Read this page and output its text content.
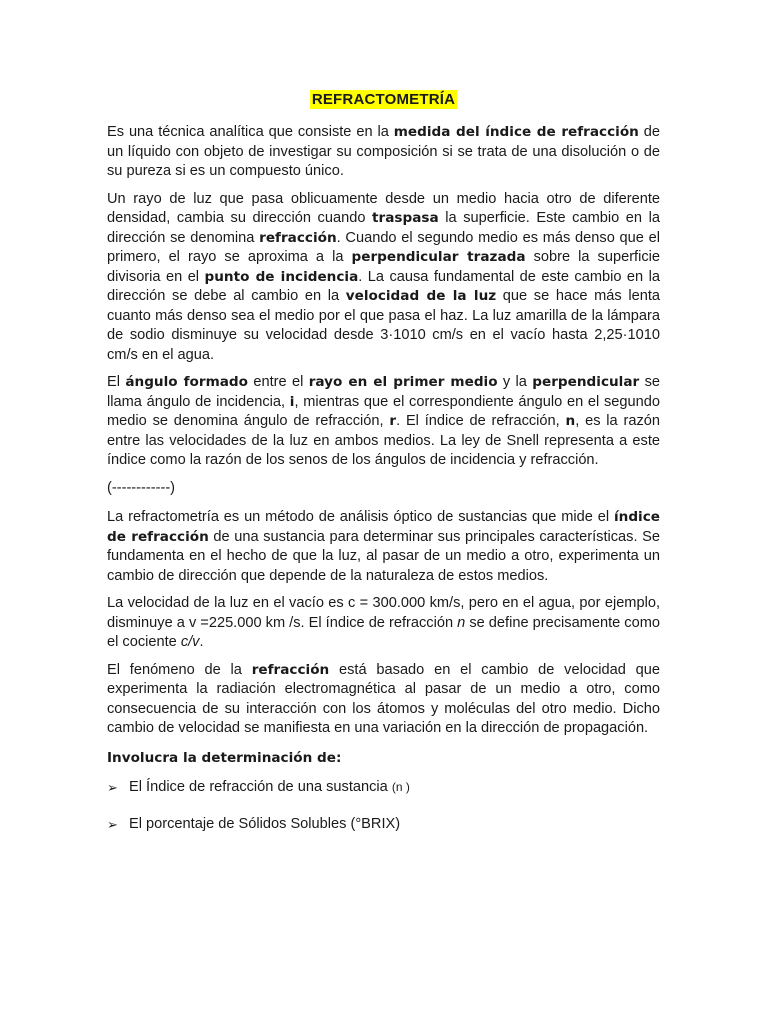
REFRACTOMETRÍA

Es una técnica analítica que consiste en la medida del índice de refracción de un líquido con objeto de investigar su composición si se trata de una disolución o de su pureza si es un compuesto único.

Un rayo de luz que pasa oblicuamente desde un medio hacia otro de diferente densidad, cambia su dirección cuando traspasa la superficie. Este cambio en la dirección se denomina refracción. Cuando el segundo medio es más denso que el primero, el rayo se aproxima a la perpendicular trazada sobre la superficie divisoria en el punto de incidencia. La causa fundamental de este cambio en la dirección se debe al cambio en la velocidad de la luz que se hace más lenta cuanto más denso sea el medio por el que pasa el haz. La luz amarilla de la lámpara de sodio disminuye su velocidad desde 3·1010 cm/s en el vacío hasta 2,25·1010 cm/s en el agua.

El ángulo formado entre el rayo en el primer medio y la perpendicular se llama ángulo de incidencia, i, mientras que el correspondiente ángulo en el segundo medio se denomina ángulo de refracción, r. El índice de refracción, n, es la razón entre las velocidades de la luz en ambos medios. La ley de Snell representa a este índice como la razón de los senos de los ángulos de incidencia y refracción.

(------------)

La refractometría es un método de análisis óptico de sustancias que mide el índice de refracción de una sustancia para determinar sus principales características. Se fundamenta en el hecho de que la luz, al pasar de un medio a otro, experimenta un cambio de dirección que depende de la naturaleza de estos medios.

La velocidad de la luz en el vacío es c = 300.000 km/s, pero en el agua, por ejemplo, disminuye a v =225.000 km /s. El índice de refracción n se define precisamente como el cociente c/v.

El fenómeno de la refracción está basado en el cambio de velocidad que experimenta la radiación electromagnética al pasar de un medio a otro, como consecuencia de su interacción con los átomos y moléculas del otro medio. Dicho cambio de velocidad se manifiesta en una variación en la dirección de propagación.

Involucra la determinación de:
➢ El Índice de refracción de una sustancia (n )
➢ El porcentaje de Sólidos Solubles (°BRIX)
